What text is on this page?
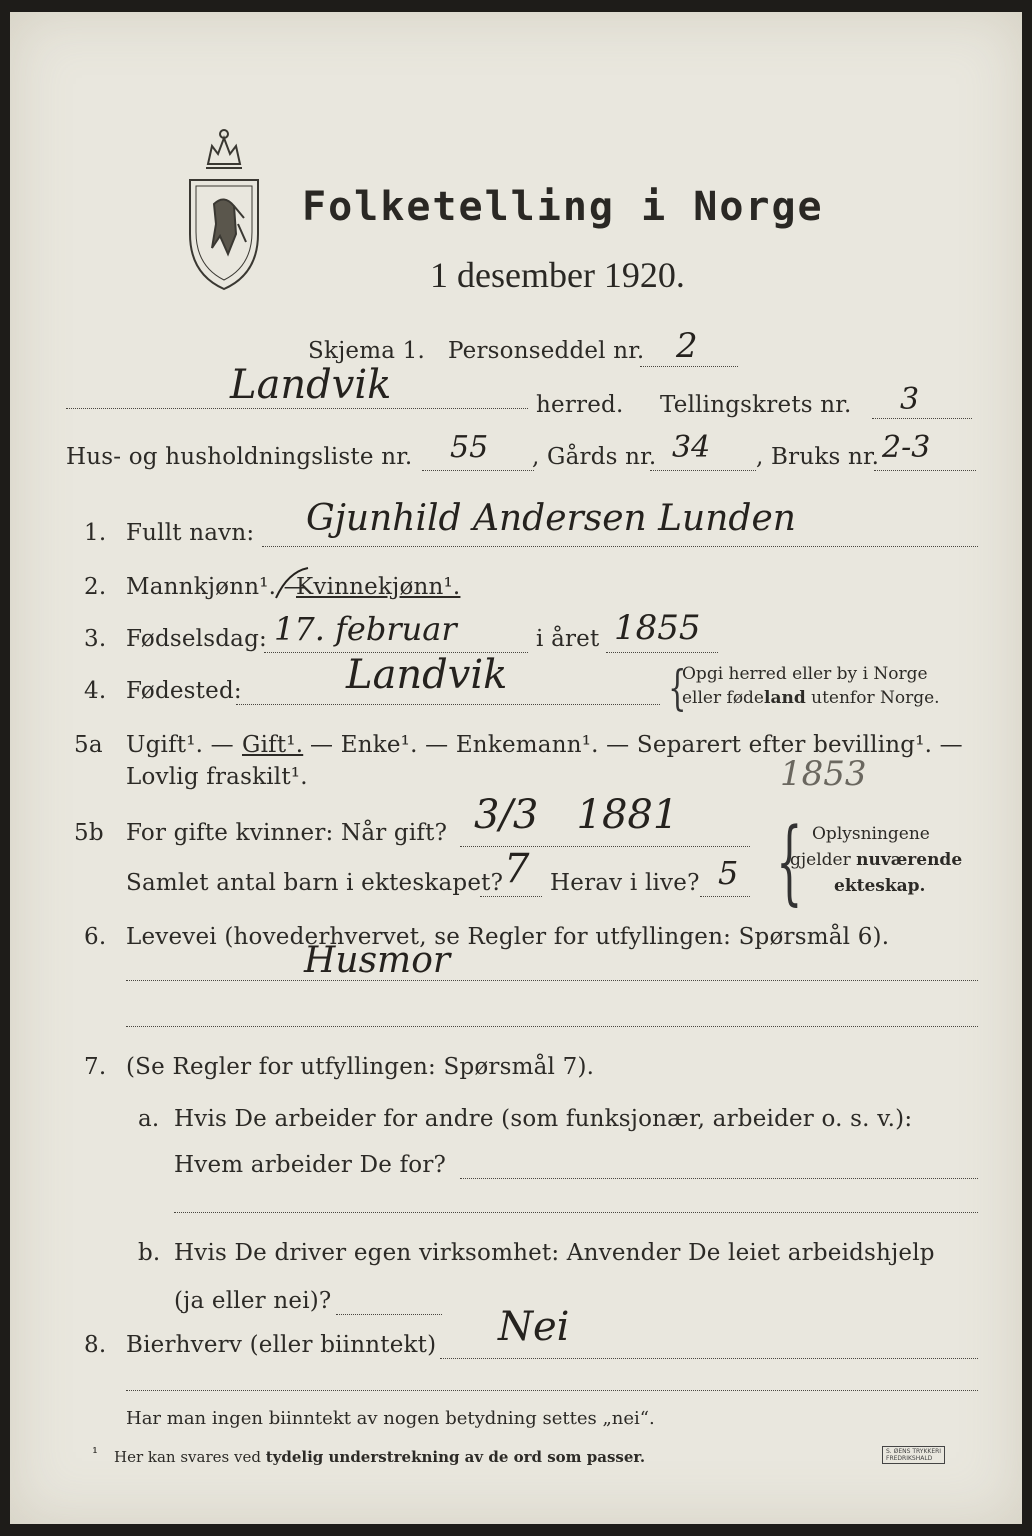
Folketelling i Norge
1 desember 1920.
Skjema 1. Personseddel nr. 2
Landvik	herred. Tellingskrets nr. 3
Hus- og husholdningsliste nr. 55 , Gårds nr. 34 , Bruks nr. 2-3
1. Fullt navn: Gjunhild Andersen Lunden
2. Mannkjønn¹. —
Kvinnekjønn¹.
3. Fødselsdag: 17. februar	i året 1855
4. Fødested:	Landvik	{
Opgi herred eller by i Norge
eller fødeland utenfor Norge.
5a Ugift¹. — Gift¹. — Enke¹. — Enkemann¹. — Separert efter bevilling¹. —
Lovlig fraskilt¹.	1853
5b For gifte kvinner: Når gift? 3/3   1881
Samlet antal barn i ekteskapet? 7 Herav i live? 5 { Oplysningene
gjelder nuværende
ekteskap.
6. Levevei (hovederhvervet, se Regler for utfyllingen: Spørsmål 6).
Husmor
7. (Se Regler for utfyllingen: Spørsmål 7).
a. Hvis De arbeider for andre (som funksjonær, arbeider o. s. v.):
Hvem arbeider De for?
b. Hvis De driver egen virksomhet: Anvender De leiet arbeidshjelp
(ja eller nei)?
8. Bierhverv (eller biinntekt) Nei
Har man ingen biinntekt av nogen betydning settes „nei“.
¹ Her kan svares ved tydelig understrekning av de ord som passer.	S. ØENS TRYKKERI
FREDRIKSHALD
